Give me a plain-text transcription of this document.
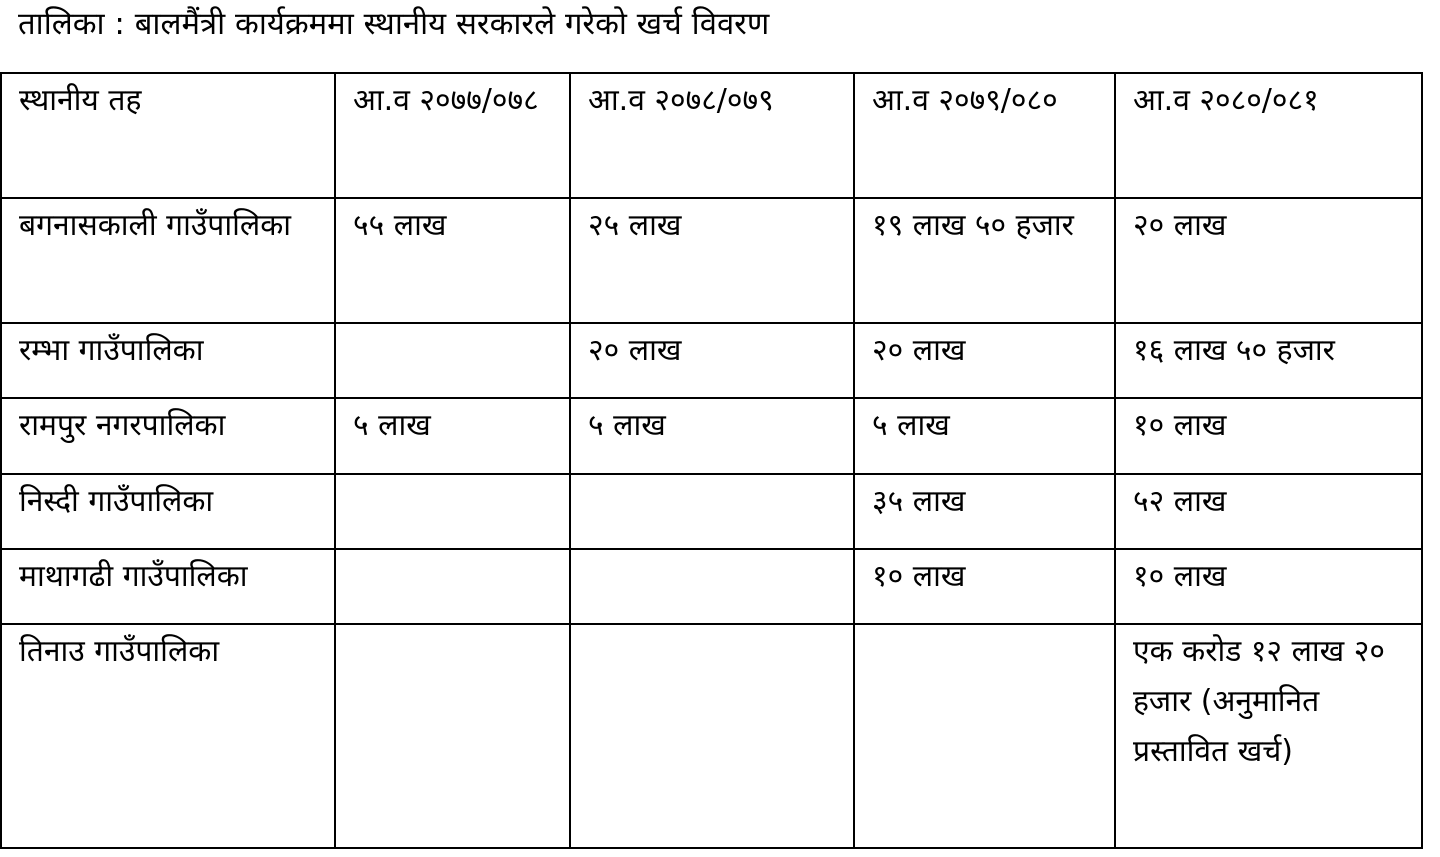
तालिका : बालमैंत्री कार्यक्रममा स्थानीय सरकारले गरेको खर्च विवरण
स्थानीय तह	आ.व २०७७/०७८	आ.व २०७८/०७९	आ.व २०७९/०८०	आ.व २०८०/०८१
बगनासकाली गाउँपालिका	५५ लाख	२५ लाख	१९ लाख ५० हजार	२० लाख
रम्भा गाउँपालिका		२० लाख	२० लाख	१६ लाख ५० हजार
रामपुर नगरपालिका	५ लाख	५ लाख	५ लाख	१० लाख
निस्दी गाउँपालिका			३५ लाख	५२ लाख
माथागढी गाउँपालिका			१० लाख	१० लाख
तिनाउ गाउँपालिका				एक करोड १२ लाख २० हजार (अनुमानित प्रस्तावित खर्च)
